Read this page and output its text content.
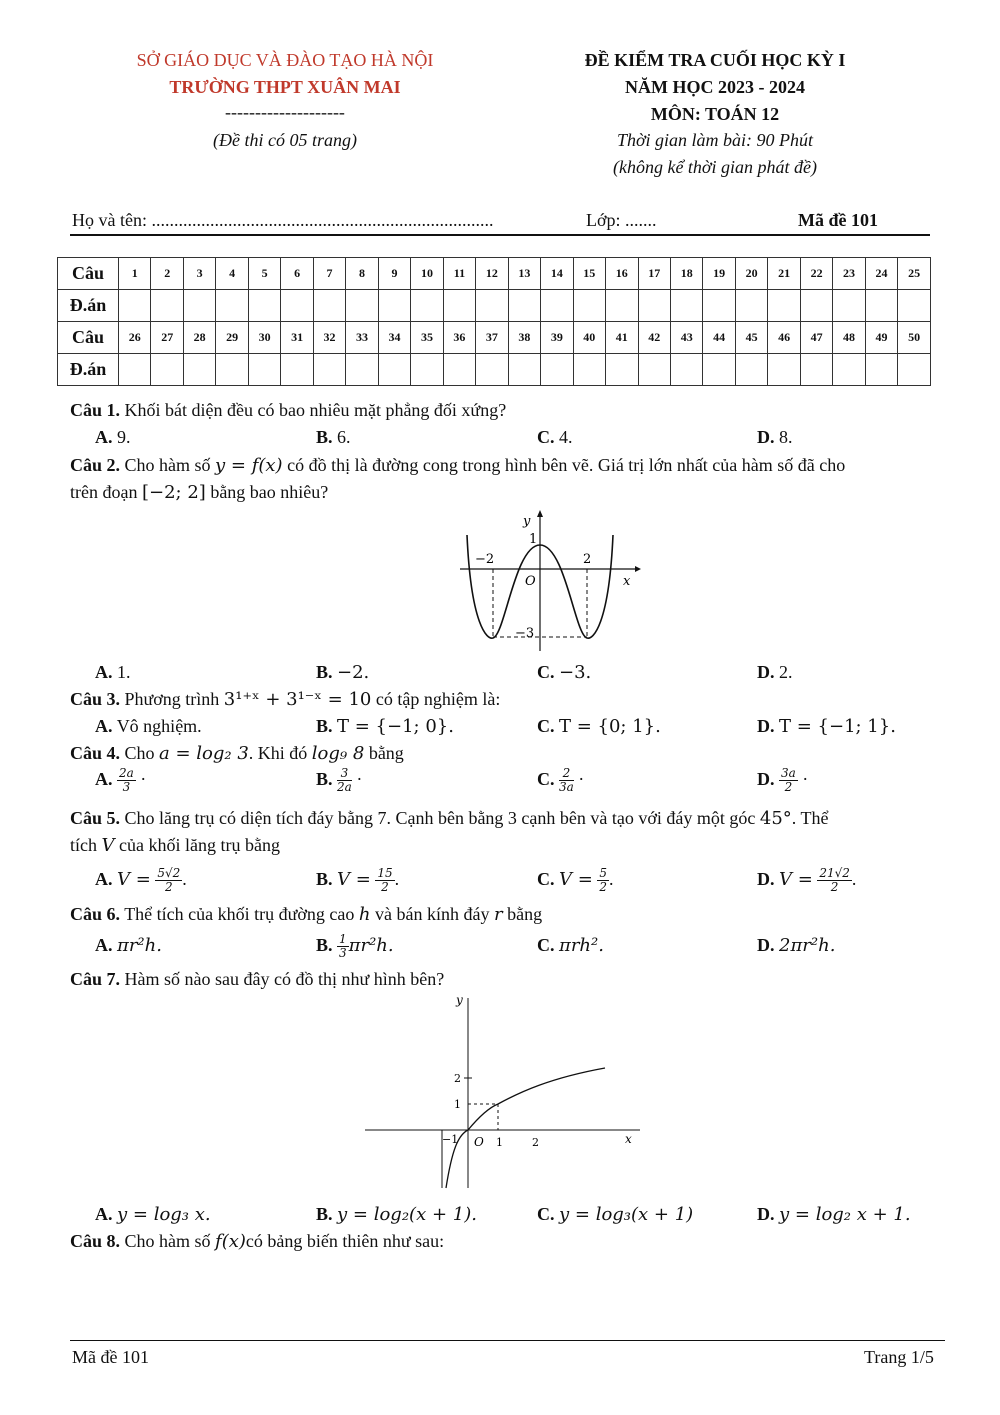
SỞ GIÁO DỤC VÀ ĐÀO TẠO HÀ NỘI
TRƯỜNG THPT XUÂN MAI
--------------------
(Đề thi có 05 trang)
ĐỀ KIỂM TRA CUỐI HỌC KỲ I
NĂM HỌC 2023 - 2024
MÔN: TOÁN 12
Thời gian làm bài: 90 Phút
(không kể thời gian phát đề)
Họ và tên: ............................................................................	Lớp: .......	Mã đề 101
Câu	1	2	3	4	5	6	7	8	9	10	11	12	13	14	15	16	17	18	19	20	21	22	23	24	25
Đ.án																									
Câu	26	27	28	29	30	31	32	33	34	35	36	37	38	39	40	41	42	43	44	45	46	47	48	49	50
Đ.án																									
Câu 1. Khối bát diện đều có bao nhiêu mặt phẳng đối xứng?
A. 9.	B. 6.	C. 4.	D. 8.
Câu 2. Cho hàm số y = f(x) có đồ thị là đường cong trong hình bên vẽ. Giá trị lớn nhất của hàm số đã cho
trên đoạn [−2; 2] bằng bao nhiêu?
y
x
O
−2	2
1
−3
A. 1.	B. −2.	C. −3.	D. 2.
Câu 3. Phương trình 3¹⁺ˣ + 3¹⁻ˣ = 10 có tập nghiệm là:
A. Vô nghiệm.	B. T = {−1; 0}.	C. T = {0; 1}.	D. T = {−1; 1}.
Câu 4. Cho a = log₂ 3. Khi đó log₉ 8 bằng
A. $\frac{2a}{3}$ ·	B. $\frac{3}{2a}$ ·	C. $\frac{2}{3a}$ ·	D. $\frac{3a}{2}$ ·
Câu 5. Cho lăng trụ có diện tích đáy bằng 7. Cạnh bên bằng 3 cạnh bên và tạo với đáy một góc 45°. Thể
tích V của khối lăng trụ bằng
A. $V = \frac{5√2}{2}$ .	B. $V = \frac{15}{2}$ .	C. $V = \frac{5}{2}$ .	D. $V = \frac{21√2}{2}$ .
Câu 6. Thể tích của khối trụ đường cao h và bán kính đáy r bằng
A. πr²h.	B. $\frac{1}{3} \pi r^2h$.	C. πrh².	D. 2πr²h.
Câu 7. Hàm số nào sau đây có đồ thị như hình bên?
y
x
O
2
1
−1	1	2
A. y = log₃ x.	B. y = log₂(x + 1).	C. y = log₃(x + 1)	D. y = log₂ x + 1.
Câu 8. Cho hàm số f(x)có bảng biến thiên như sau:
Mã đề 101	Trang 1/5
